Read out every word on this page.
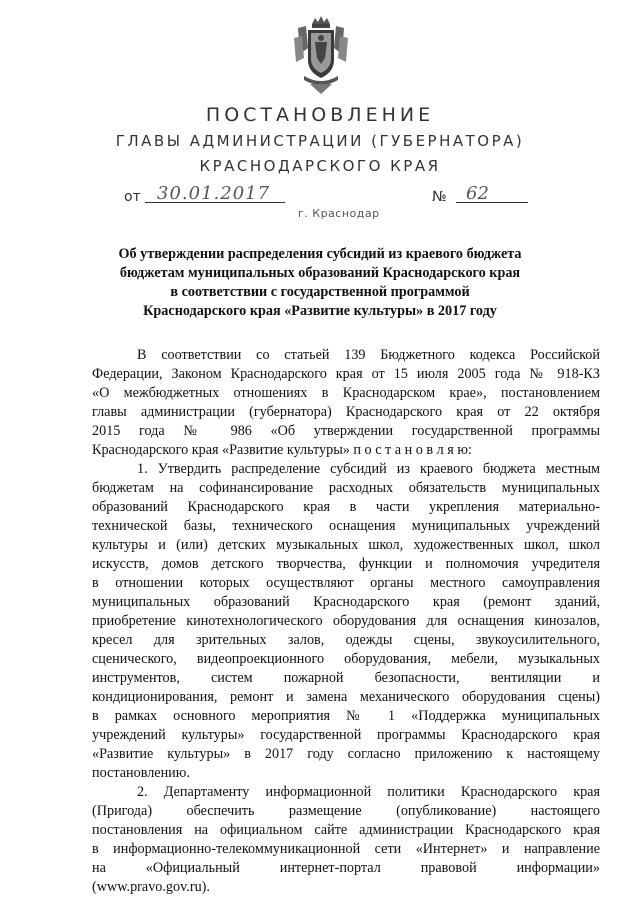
ПОСТАНОВЛЕНИЕ
ГЛАВЫ АДМИНИСТРАЦИИ (ГУБЕРНАТОРА)
КРАСНОДАРСКОГО КРАЯ
от 30.01.2017	№	62
г. Краснодар
Об утверждении распределения субсидий из краевого бюджета
бюджетам муниципальных образований Краснодарского края
в соответствии с государственной программой
Краснодарского края «Развитие культуры» в 2017 году
В соответствии со статьей 139 Бюджетного кодекса Российской
Федерации, Законом Краснодарского края от 15 июля 2005 года № 918-КЗ
«О межбюджетных отношениях в Краснодарском крае», постановлением
главы администрации (губернатора) Краснодарского края от 22 октября
2015 года № 986 «Об утверждении государственной программы
Краснодарского края «Развитие культуры» п о с т а н о в л я ю:
1. Утвердить распределение субсидий из краевого бюджета местным
бюджетам на софинансирование расходных обязательств муниципальных
образований Краснодарского края в части укрепления материально-
технической базы, технического оснащения муниципальных учреждений
культуры и (или) детских музыкальных школ, художественных школ, школ
искусств, домов детского творчества, функции и полномочия учредителя
в отношении которых осуществляют органы местного самоуправления
муниципальных образований Краснодарского края (ремонт зданий,
приобретение кинотехнологического оборудования для оснащения кинозалов,
кресел для зрительных залов, одежды сцены, звукоусилительного,
сценического, видеопроекционного оборудования, мебели, музыкальных
инструментов, систем пожарной безопасности, вентиляции и
кондиционирования, ремонт и замена механического оборудования сцены)
в рамках основного мероприятия № 1 «Поддержка муниципальных
учреждений культуры» государственной программы Краснодарского края
«Развитие культуры» в 2017 году согласно приложению к настоящему
постановлению.
2. Департаменту информационной политики Краснодарского края
(Пригода) обеспечить размещение (опубликование) настоящего
постановления на официальном сайте администрации Краснодарского края
в информационно-телекоммуникационной сети «Интернет» и направление
на «Официальный интернет-портал правовой информации»
(www.pravo.gov.ru).
